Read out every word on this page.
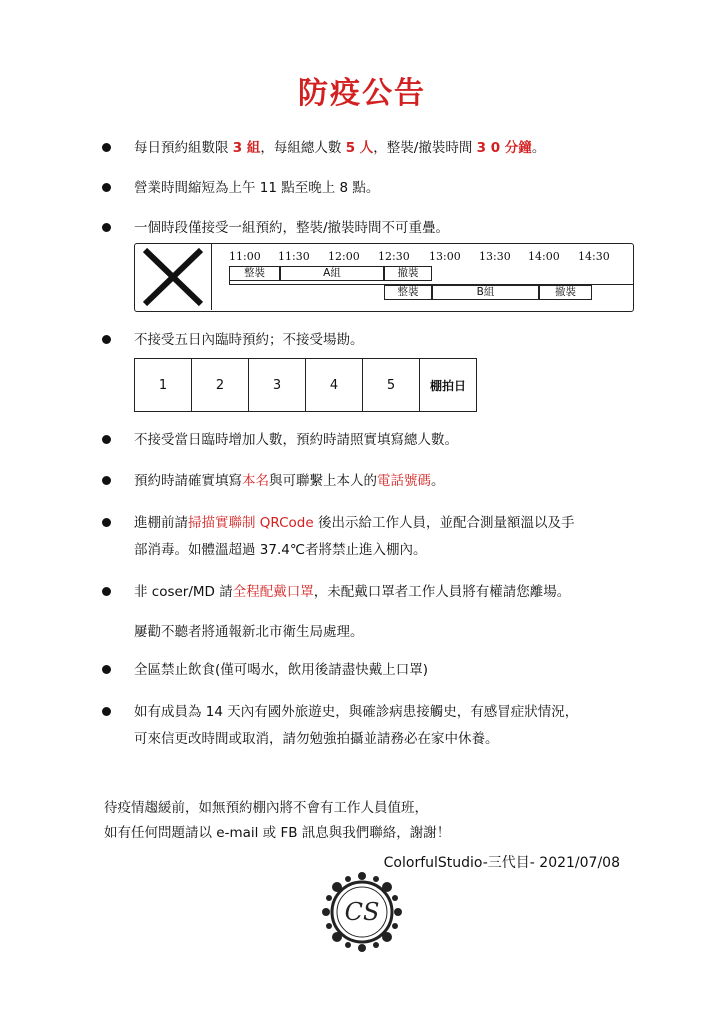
防疫公告
每日預約組數限 3 組，每組總人數 5 人，整裝/撤裝時間 3 0 分鐘。
營業時間縮短為上午 11 點至晚上 8 點。
一個時段僅接受一組預約，整裝/撤裝時間不可重疊。
11:00 11:30 12:00 12:30 13:00 13:30 14:00 14:30
整裝	A組	撤裝
整裝	B組	撤裝
不接受五日內臨時預約；不接受場勘。
1	2	3	4	5	棚拍日
不接受當日臨時增加人數，預約時請照實填寫總人數。
預約時請確實填寫本名與可聯繫上本人的電話號碼。
進棚前請掃描實聯制 QRCode 後出示給工作人員，並配合測量額溫以及手
部消毒。如體溫超過 37.4℃者將禁止進入棚內。
非 coser/MD 請全程配戴口罩，未配戴口罩者工作人員將有權請您離場。
屢勸不聽者將通報新北市衛生局處理。
全區禁止飲食(僅可喝水，飲用後請盡快戴上口罩)
如有成員為 14 天內有國外旅遊史，與確診病患接觸史，有感冒症狀情況，
可來信更改時間或取消，請勿勉強拍攝並請務必在家中休養。
待疫情趨緩前，如無預約棚內將不會有工作人員值班，
如有任何問題請以 e-mail 或 FB 訊息與我們聯絡，謝謝！
ColorfulStudio-三代目- 2021/07/08
CS
